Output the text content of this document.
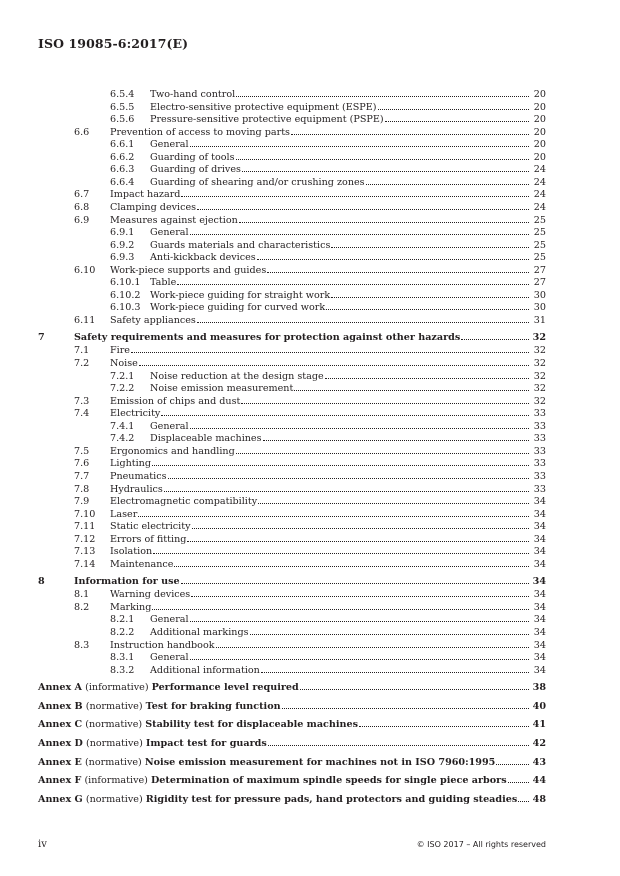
ISO 19085-6:2017(E)
6.5.4 Two-hand control	20
6.5.5 Electro-sensitive protective equipment (ESPE)	20
6.5.6 Pressure-sensitive protective equipment (PSPE)	20
6.6 Prevention of access to moving parts	20
6.6.1 General	20
6.6.2 Guarding of tools	20
6.6.3 Guarding of drives	24
6.6.4 Guarding of shearing and/or crushing zones	24
6.7 Impact hazard	24
6.8 Clamping devices	24
6.9 Measures against ejection	25
6.9.1 General	25
6.9.2 Guards materials and characteristics	25
6.9.3 Anti-kickback devices	25
6.10 Work-piece supports and guides	27
6.10.1 Table	27
6.10.2 Work-piece guiding for straight work	30
6.10.3 Work-piece guiding for curved work	30
6.11 Safety appliances	31
7	Safety requirements and measures for protection against other hazards	32
7.1 Fire	32
7.2 Noise	32
7.2.1 Noise reduction at the design stage	32
7.2.2 Noise emission measurement	32
7.3 Emission of chips and dust	32
7.4 Electricity	33
7.4.1 General	33
7.4.2 Displaceable machines	33
7.5 Ergonomics and handling	33
7.6 Lighting	33
7.7 Pneumatics	33
7.8 Hydraulics	33
7.9 Electromagnetic compatibility	34
7.10 Laser	34
7.11 Static electricity	34
7.12 Errors of fitting	34
7.13 Isolation	34
7.14 Maintenance	34
8	Information for use	34
8.1 Warning devices	34
8.2 Marking	34
8.2.1 General	34
8.2.2 Additional markings	34
8.3 Instruction handbook	34
8.3.1 General	34
8.3.2 Additional information	34
Annex A (informative) Performance level required	38
Annex B (normative) Test for braking function	40
Annex C (normative) Stability test for displaceable machines	41
Annex D (normative) Impact test for guards	42
Annex E (normative) Noise emission measurement for machines not in ISO 7960:1995	43
Annex F (informative) Determination of maximum spindle speeds for single piece arbors	44
Annex G (normative) Rigidity test for pressure pads, hand protectors and guiding steadies 48
iv	© ISO 2017 – All rights reserved
